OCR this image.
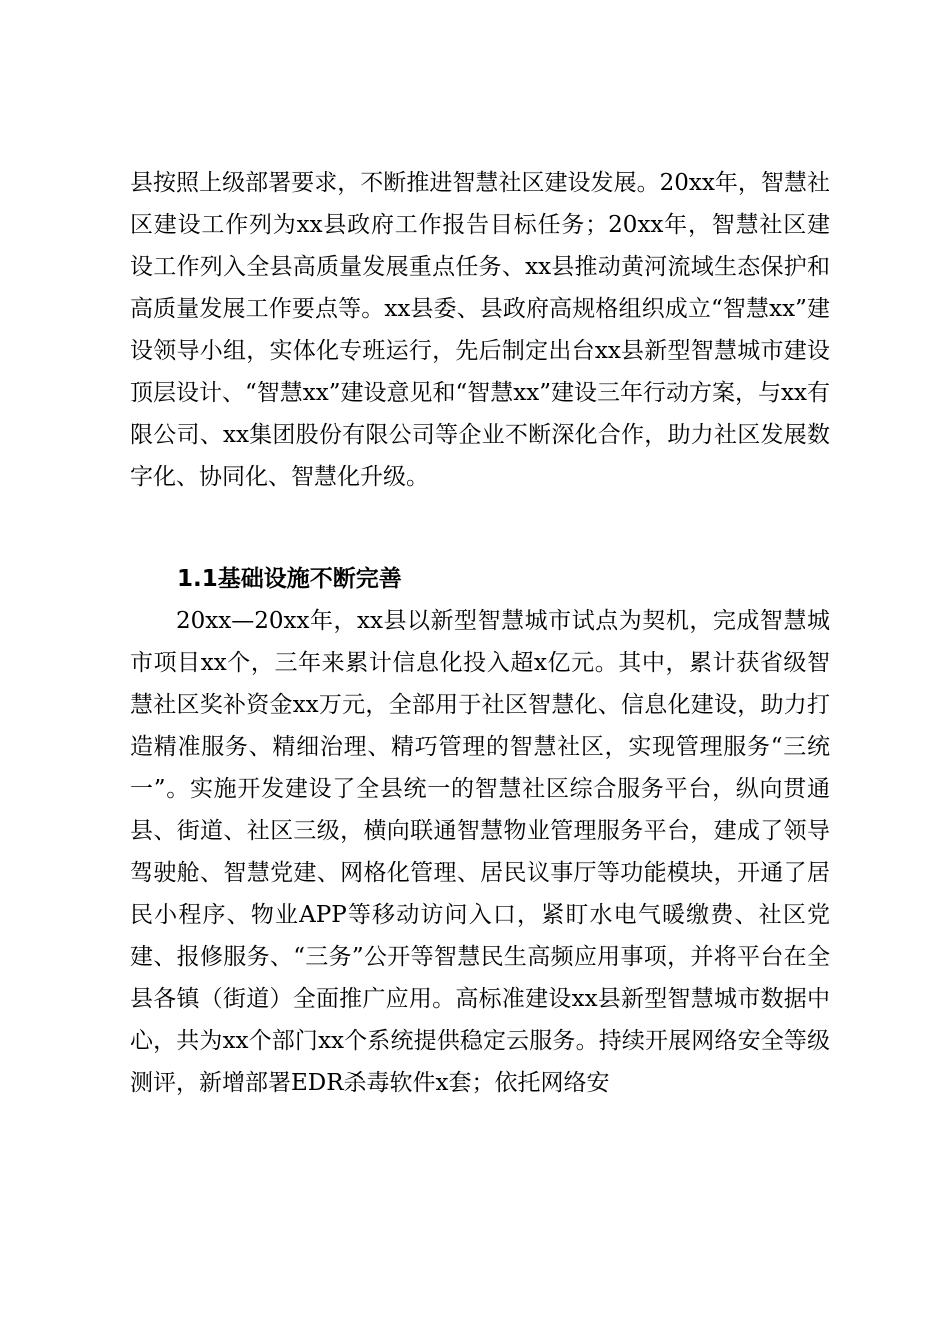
县按照上级部署要求，不断推进智慧社区建设发展。20xx年，智慧社区建设工作列为xx县政府工作报告目标任务；20xx年，智慧社区建设工作列入全县高质量发展重点任务、xx县推动黄河流域生态保护和高质量发展工作要点等。xx县委、县政府高规格组织成立“智慧xx”建设领导小组，实体化专班运行，先后制定出台xx县新型智慧城市建设顶层设计、“智慧xx”建设意见和“智慧xx”建设三年行动方案，与xx有限公司、xx集团股份有限公司等企业不断深化合作，助力社区发展数字化、协同化、智慧化升级。

1.1基础设施不断完善

20xx—20xx年，xx县以新型智慧城市试点为契机，完成智慧城市项目xx个，三年来累计信息化投入超x亿元。其中，累计获省级智慧社区奖补资金xx万元，全部用于社区智慧化、信息化建设，助力打造精准服务、精细治理、精巧管理的智慧社区，实现管理服务“三统一”。实施开发建设了全县统一的智慧社区综合服务平台，纵向贯通县、街道、社区三级，横向联通智慧物业管理服务平台，建成了领导驾驶舱、智慧党建、网格化管理、居民议事厅等功能模块，开通了居民小程序、物业APP等移动访问入口，紧盯水电气暖缴费、社区党建、报修服务、“三务”公开等智慧民生高频应用事项，并将平台在全县各镇（街道）全面推广应用。高标准建设xx县新型智慧城市数据中心，共为xx个部门xx个系统提供稳定云服务。持续开展网络安全等级测评，新增部署EDR杀毒软件x套；依托网络安
